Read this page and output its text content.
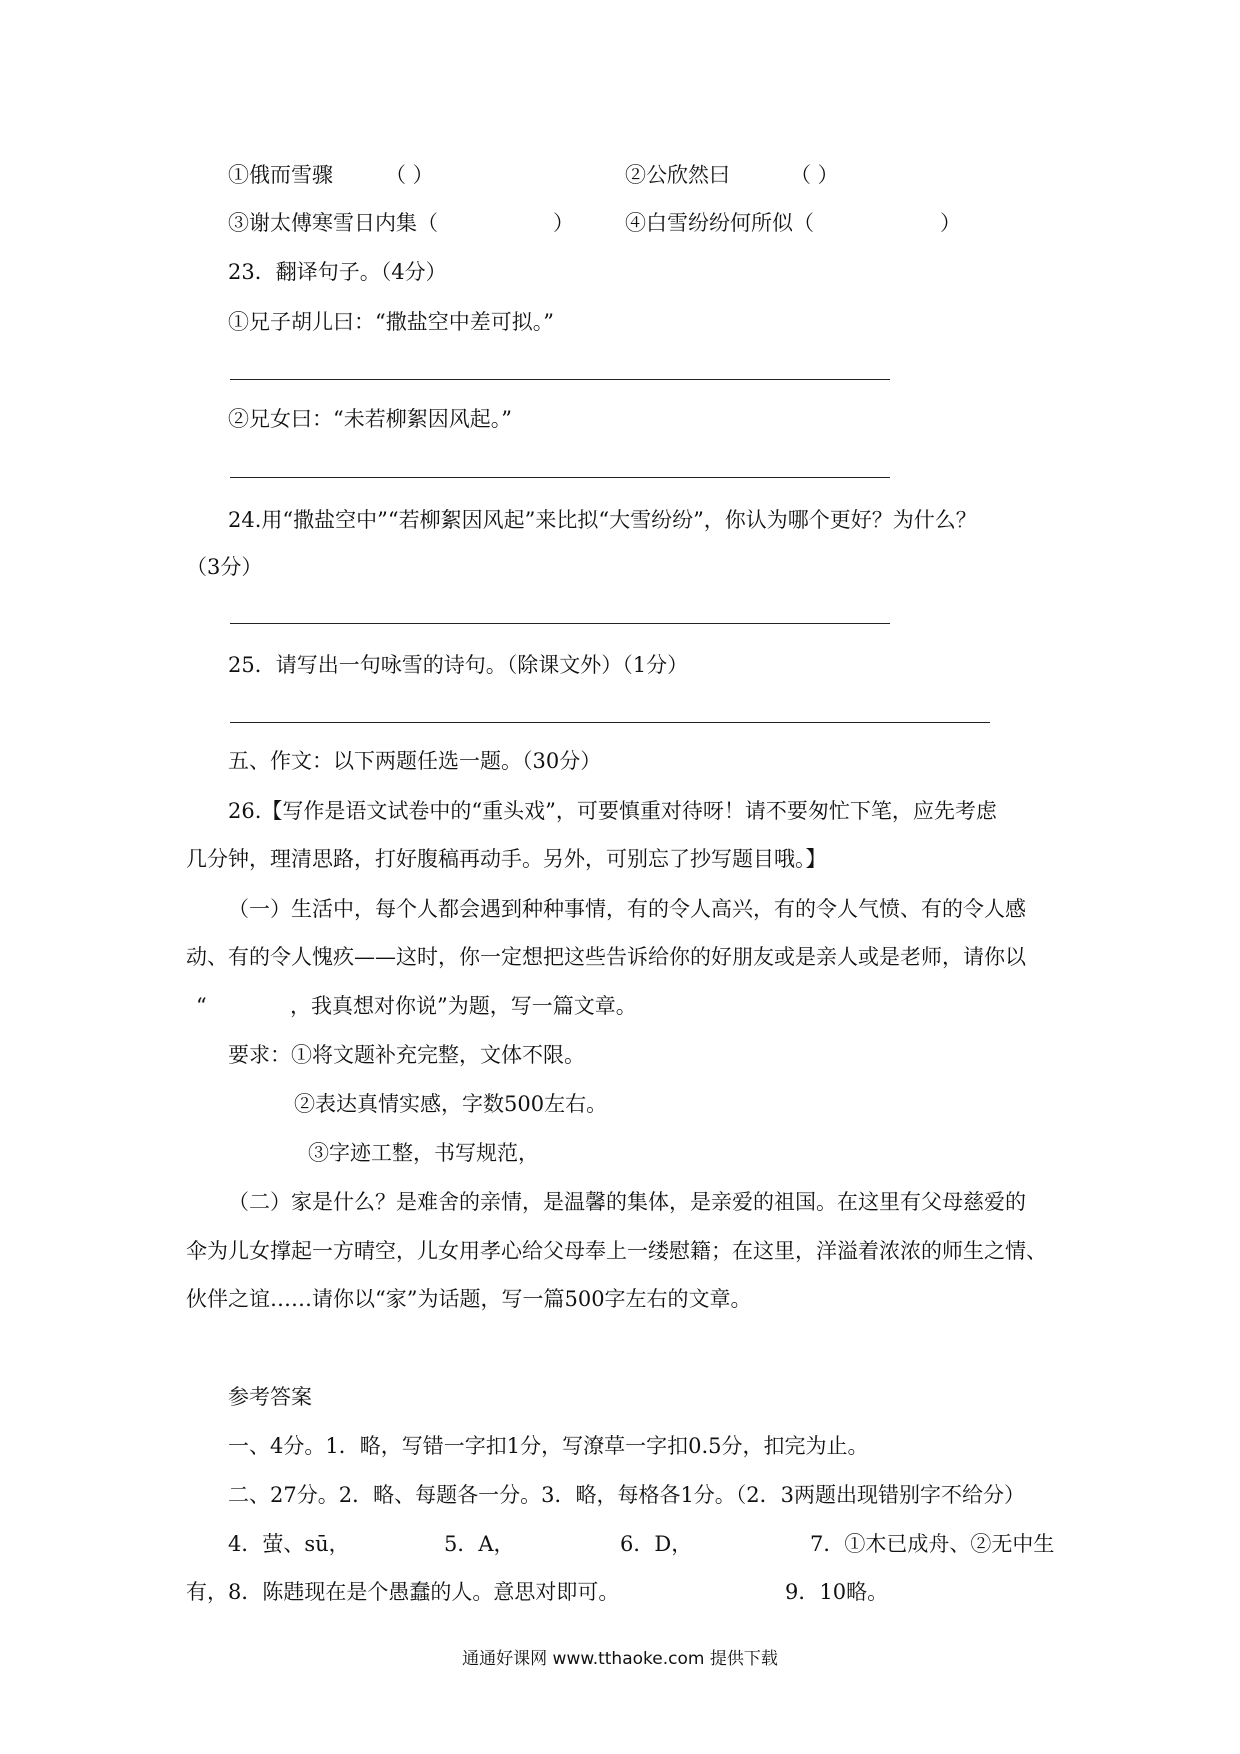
①俄而雪骤 （ ）	②公欣然曰	（ ）
③谢太傅寒雪日内集（	） ④白雪纷纷何所似（	）
23．翻译句子。（4分）
①兄子胡儿曰：“撒盐空中差可拟。”
②兄女曰：“未若柳絮因风起。”
24.用“撒盐空中”“若柳絮因风起”来比拟“大雪纷纷”，你认为哪个更好？为什么？
（3分）
25．请写出一句咏雪的诗句。（除课文外）（1分）
五、作文：以下两题任选一题。（30分）
26.【写作是语文试卷中的“重头戏”，可要慎重对待呀！请不要匆忙下笔，应先考虑
几分钟，理清思路，打好腹稿再动手。另外，可别忘了抄写题目哦。】
（一）生活中，每个人都会遇到种种事情，有的令人高兴，有的令人气愤、有的令人感
动、有的令人愧疚——这时，你一定想把这些告诉给你的好朋友或是亲人或是老师，请你以
“	，我真想对你说”为题，写一篇文章。
要求：①将文题补充完整，文体不限。
②表达真情实感，字数500左右。
③字迹工整，书写规范，
（二）家是什么？是难舍的亲情，是温馨的集体，是亲爱的祖国。在这里有父母慈爱的
伞为儿女撑起一方晴空，儿女用孝心给父母奉上一缕慰籍；在这里，洋溢着浓浓的师生之情、
伙伴之谊……请你以“家”为话题，写一篇500字左右的文章。
参考答案
一、4分。1．略，写错一字扣1分，写潦草一字扣0.5分，扣完为止。
二、27分。2．略、每题各一分。3．略，每格各1分。（2．3两题出现错别字不给分）
4．萤、sū，	5．A，	6．D，	7．①木已成舟、②无中生
有，8．陈韪现在是个愚蠢的人。意思对即可。	9．10略。
通通好课网 www.tthaoke.com 提供下载
